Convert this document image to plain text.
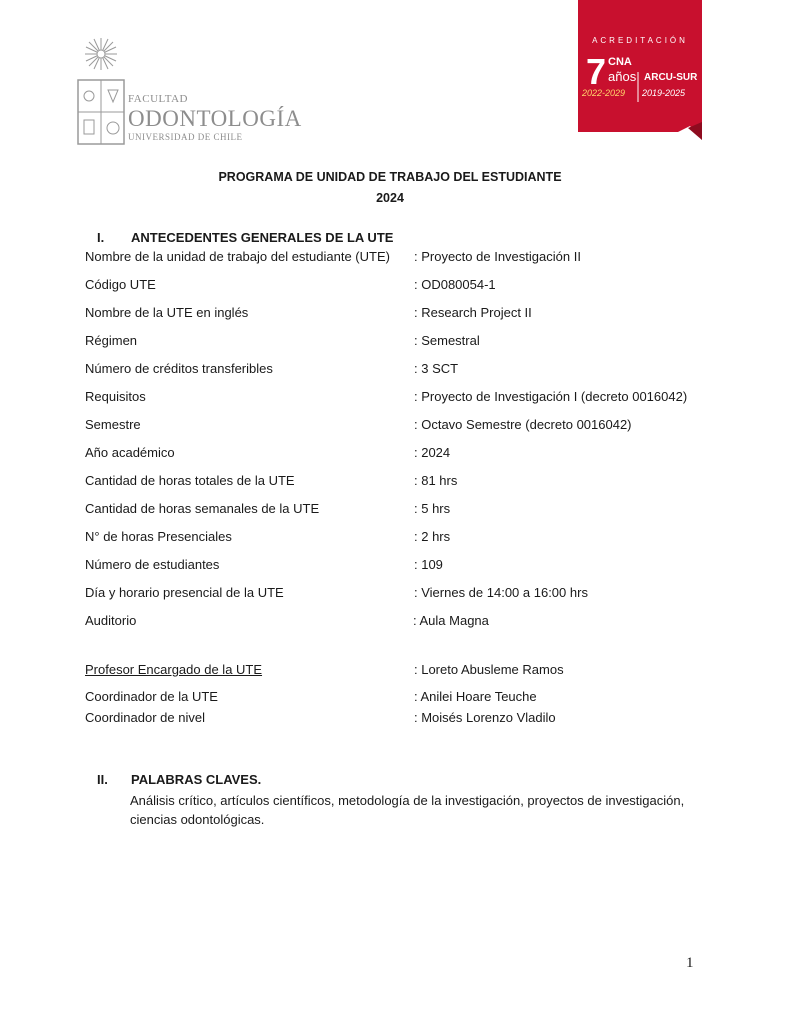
FACULTAD
ODONTOLOGÍA
UNIVERSIDAD DE CHILE
ACREDITACIÓN
7 CNA
años ARCU-SUR
2022-2029 2019-2025
PROGRAMA DE UNIDAD DE TRABAJO DEL ESTUDIANTE
2024
I. ANTECEDENTES GENERALES DE LA UTE
Nombre de la unidad de trabajo del estudiante (UTE) : Proyecto de Investigación II
Código UTE	: OD080054-1
Nombre de la UTE en inglés	: Research Project II
Régimen	: Semestral
Número de créditos transferibles	: 3 SCT
Requisitos	: Proyecto de Investigación I (decreto 0016042)
Semestre	: Octavo Semestre (decreto 0016042)
Año académico	: 2024
Cantidad de horas totales de la UTE	: 81 hrs
Cantidad de horas semanales de la UTE	: 5 hrs
N° de horas Presenciales	: 2 hrs
Número de estudiantes	: 109
Día y horario presencial de la UTE	: Viernes de 14:00 a 16:00 hrs
Auditorio	: Aula Magna
Profesor Encargado de la UTE	: Loreto Abusleme Ramos
Coordinador de la UTE	: Anilei Hoare Teuche
Coordinador de nivel	: Moisés Lorenzo Vladilo
II. PALABRAS CLAVES.
Análisis crítico, artículos científicos, metodología de la investigación, proyectos de investigación, ciencias odontológicas.
1
